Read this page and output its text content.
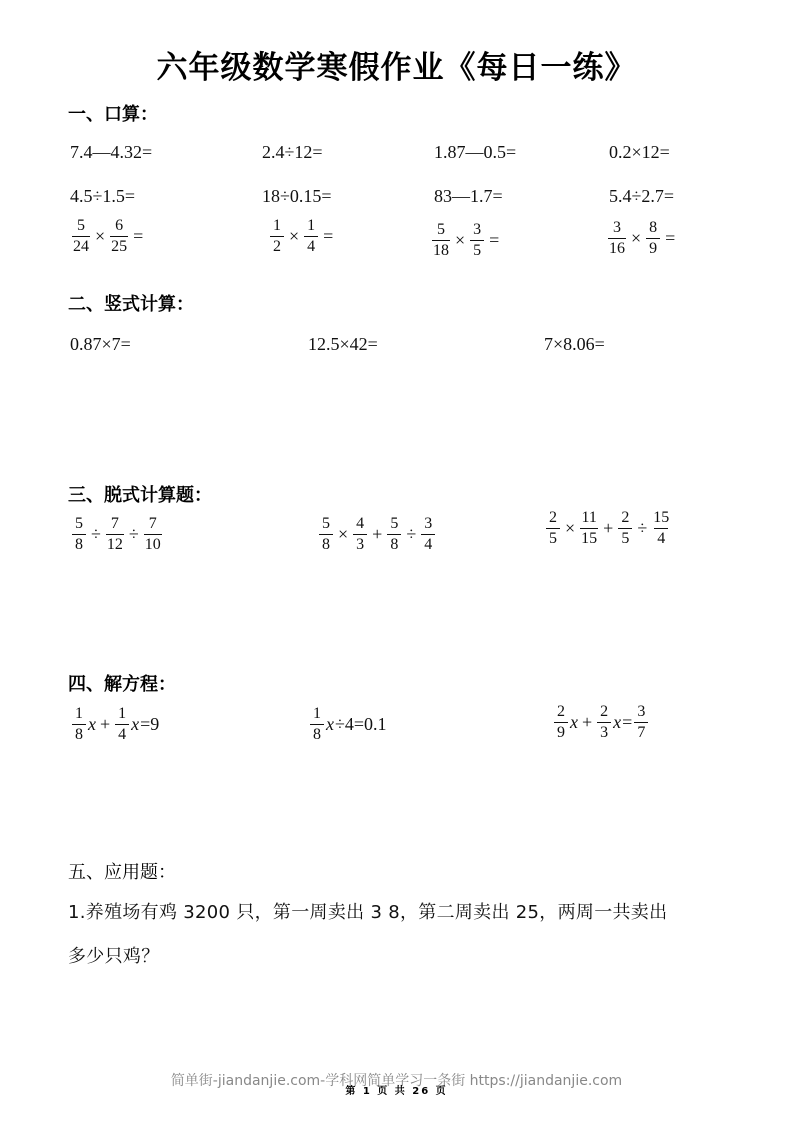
六年级数学寒假作业《每日一练》
一、口算：
7.4—4.32=	2.4÷12=	1.87—0.5=	0.2×12=
4.5÷1.5=	18÷0.15=	83—1.7=	5.4÷2.7=
$\frac{5}{24} \times \frac{6}{25}$ =	$\frac{1}{2} \times \frac{1}{4}$ =	$\frac{5}{18} \times \frac{3}{5}$ =	$\frac{3}{16} \times \frac{8}{9}$ =
二、竖式计算：
0.87×7=	12.5×42=	7×8.06=
三、脱式计算题：
$\frac{5}{8} \div \frac{7}{12} \div \frac{7}{10}$	$\frac{5}{8} \times \frac{4}{3} + \frac{5}{8} \div \frac{3}{4}$	$\frac{2}{5} \times \frac{11}{15} + \frac{2}{5} \div \frac{15}{4}$
四、解方程：
$\frac{1}{8}$ $x + \frac{1}{4}$ x =9	$\frac{1}{8}$ x ÷4=0.1	$\frac{2}{9}$ $x + \frac{2}{3}$ $x = \frac{3}{7}$
五、应用题：
1.养殖场有鸡 3200 只，第一周卖出 3 8，第二周卖出 25，两周一共卖出
多少只鸡？
简单街-jiandanjie.com-学科网简单学习一条街 https://jiandanjie.com
第 1 页 共 26 页
